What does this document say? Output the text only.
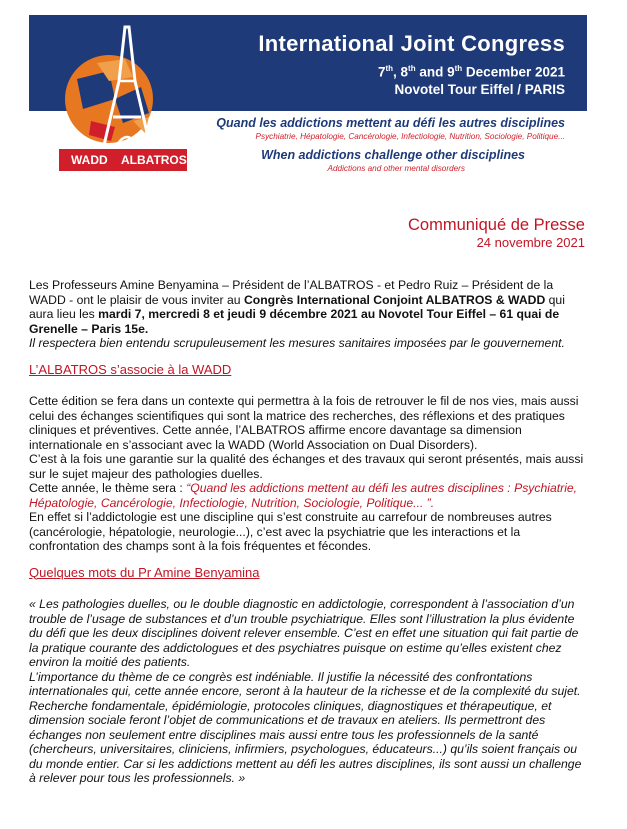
WADD ALBATROS
International Joint Congress
7th, 8th and 9th December 2021
Novotel Tour Eiffel / PARIS
Quand les addictions mettent au défi les autres disciplines
Psychiatrie, Hépatologie, Cancérologie, Infectiologie, Nutrition, Sociologie, Politique...
When addictions challenge other disciplines
Addictions and other mental disorders
Communiqué de Presse
24 novembre 2021

Les Professeurs Amine Benyamina – Président de l’ALBATROS - et Pedro Ruiz – Président de la WADD - ont le plaisir de vous inviter au Congrès International Conjoint ALBATROS & WADD qui aura lieu les mardi 7, mercredi 8 et jeudi 9 décembre 2021 au Novotel Tour Eiffel – 61 quai de Grenelle – Paris 15e.

Il respectera bien entendu scrupuleusement les mesures sanitaires imposées par le gouvernement.

L’ALBATROS s’associe à la WADD

Cette édition se fera dans un contexte qui permettra à la fois de retrouver le fil de nos vies, mais aussi celui des échanges scientifiques qui sont la matrice des recherches, des réflexions et des pratiques cliniques et préventives. Cette année, l’ALBATROS affirme encore davantage sa dimension internationale en s’associant avec la WADD (World Association on Dual Disorders).

C’est à la fois une garantie sur la qualité des échanges et des travaux qui seront présentés, mais aussi sur le sujet majeur des pathologies duelles.

Cette année, le thème sera : “Quand les addictions mettent au défi les autres disciplines : Psychiatrie, Hépatologie, Cancérologie, Infectiologie, Nutrition, Sociologie, Politique... ”.

En effet si l’addictologie est une discipline qui s’est construite au carrefour de nombreuses autres (cancérologie, hépatologie, neurologie...), c’est avec la psychiatrie que les interactions et la confrontation des champs sont à la fois fréquentes et fécondes.

Quelques mots du Pr Amine Benyamina

« Les pathologies duelles, ou le double diagnostic en addictologie, correspondent à l’association d’un trouble de l’usage de substances et d’un trouble psychiatrique. Elles sont l’illustration la plus évidente du défi que les deux disciplines doivent relever ensemble. C’est en effet une situation qui fait partie de la pratique courante des addictologues et des psychiatres puisque on estime qu’elles existent chez environ la moitié des patients.

L’importance du thème de ce congrès est indéniable. Il justifie la nécessité des confrontations internationales qui, cette année encore, seront à la hauteur de la richesse et de la complexité du sujet. Recherche fondamentale, épidémiologie, protocoles cliniques, diagnostiques et thérapeutique, et dimension sociale feront l’objet de communications et de travaux en ateliers. Ils permettront des échanges non seulement entre disciplines mais aussi entre tous les professionnels de la santé (chercheurs, universitaires, cliniciens, infirmiers, psychologues, éducateurs...) qu’ils soient français ou du monde entier. Car si les addictions mettent au défi les autres disciplines, ils sont aussi un challenge à relever pour tous les professionnels. »
